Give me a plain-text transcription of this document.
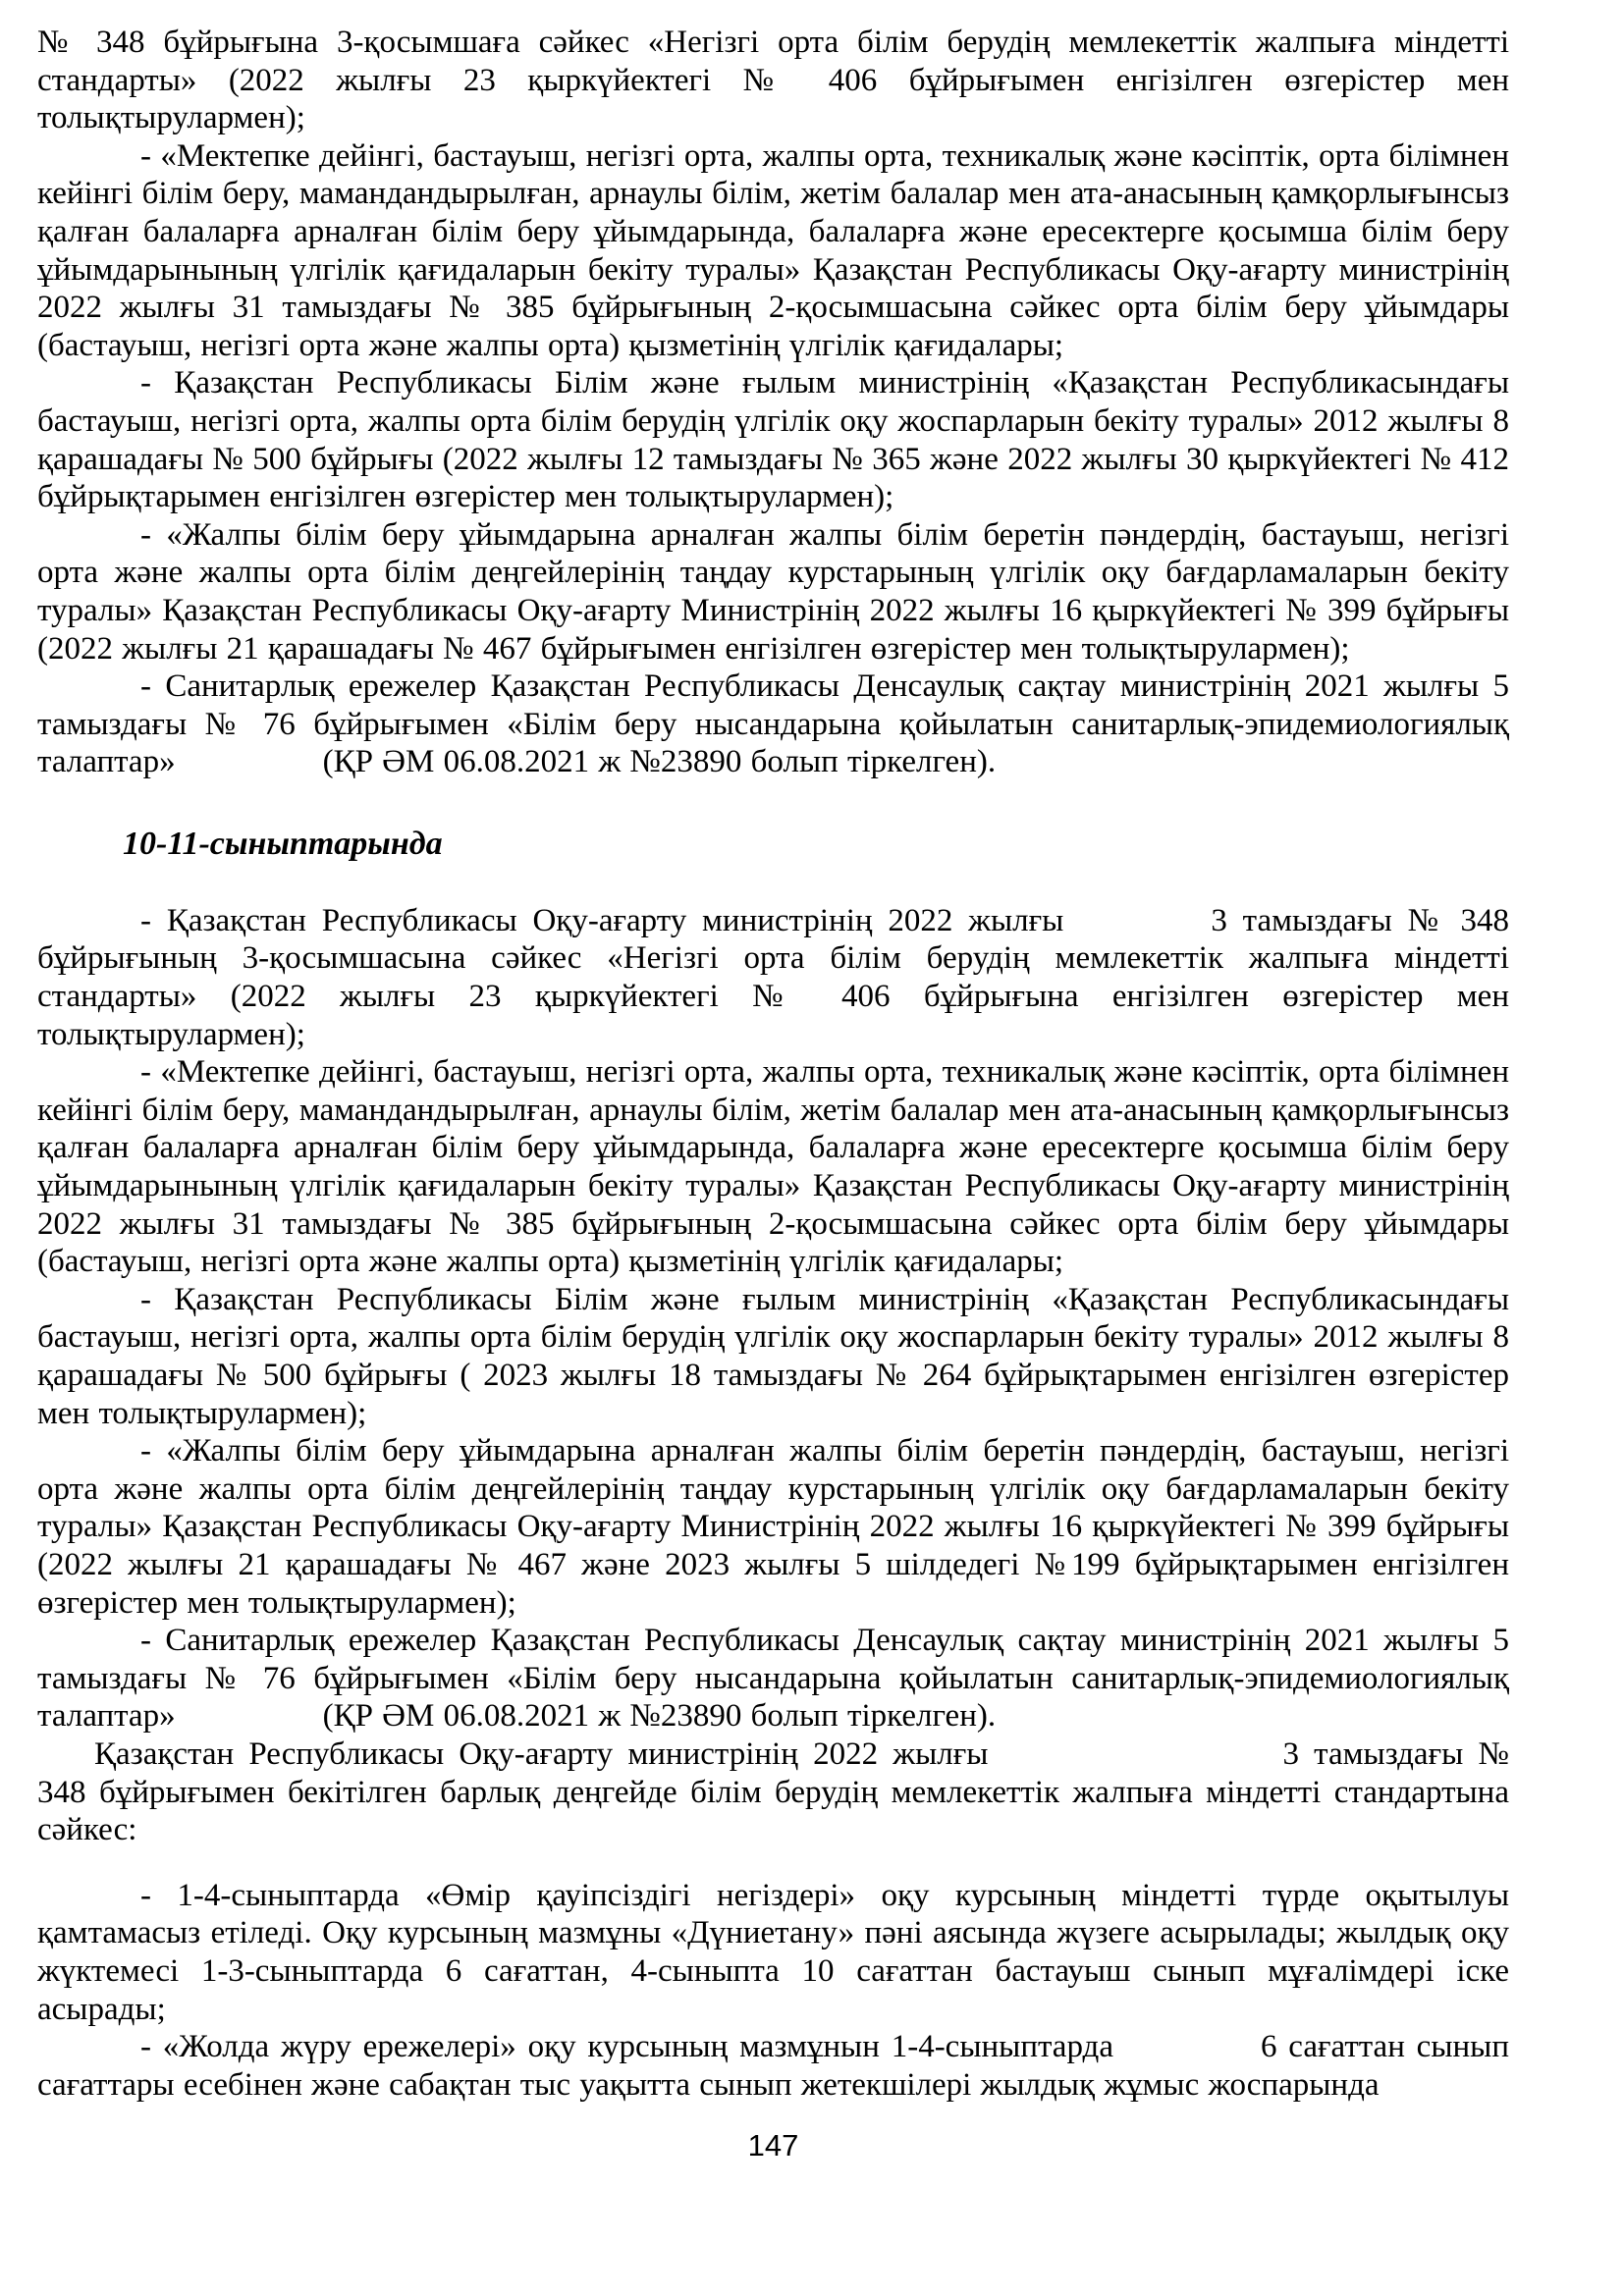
№ 348 бұйрығына 3-қосымшаға сәйкес «Негізгі орта білім берудің мемлекеттік жалпыға міндетті стандарты» (2022 жылғы 23 қыркүйектегі № 406 бұйрығымен енгізілген өзгерістер мен толықтырулармен);

- «Мектепке дейінгі, бастауыш, негізгі орта, жалпы орта, техникалық және кәсіптік, орта білімнен кейінгі білім беру, мамандандырылған, арнаулы білім, жетім балалар мен ата-анасының қамқорлығынсыз қалған балаларға арналған білім беру ұйымдарында, балаларға және ересектерге қосымша білім беру ұйымдарынының үлгілік қағидаларын бекіту туралы» Қазақстан Республикасы Оқу-ағарту министрінің 2022 жылғы 31 тамыздағы № 385 бұйрығының 2-қосымшасына сәйкес орта білім беру ұйымдары (бастауыш, негізгі орта және жалпы орта) қызметінің үлгілік қағидалары;

- Қазақстан Республикасы Білім және ғылым министрінің «Қазақстан Республикасындағы бастауыш, негізгі орта, жалпы орта білім берудің үлгілік оқу жоспарларын бекіту туралы» 2012 жылғы 8 қарашадағы № 500 бұйрығы (2022 жылғы 12 тамыздағы № 365 және 2022 жылғы 30 қыркүйектегі № 412 бұйрықтарымен енгізілген өзгерістер мен толықтырулармен);

- «Жалпы білім беру ұйымдарына арналған жалпы білім беретін пәндердің, бастауыш, негізгі орта және жалпы орта білім деңгейлерінің таңдау курстарының үлгілік оқу бағдарламаларын бекіту туралы» Қазақстан Республикасы Оқу-ағарту Министрінің 2022 жылғы 16 қыркүйектегі № 399 бұйрығы (2022 жылғы 21 қарашадағы № 467 бұйрығымен енгізілген өзгерістер мен толықтырулармен);

- Санитарлық ережелер Қазақстан Республикасы Денсаулық сақтау министрінің 2021 жылғы 5 тамыздағы № 76 бұйрығымен «Білім беру нысандарына қойылатын санитарлық-эпидемиологиялық талаптар»	(ҚР ӘМ 06.08.2021 ж №23890 болып тіркелген).

10-11-сыныптарында

- Қазақстан Республикасы Оқу-ағарту министрінің 2022 жылғы	3 тамыздағы № 348 бұйрығының 3-қосымшасына сәйкес «Негізгі орта білім берудің мемлекеттік жалпыға міндетті стандарты» (2022 жылғы 23 қыркүйектегі № 406 бұйрығына енгізілген өзгерістер мен толықтырулармен);

- «Мектепке дейінгі, бастауыш, негізгі орта, жалпы орта, техникалық және кәсіптік, орта білімнен кейінгі білім беру, мамандандырылған, арнаулы білім, жетім балалар мен ата-анасының қамқорлығынсыз қалған балаларға арналған білім беру ұйымдарында, балаларға және ересектерге қосымша білім беру ұйымдарынының үлгілік қағидаларын бекіту туралы» Қазақстан Республикасы Оқу-ағарту министрінің 2022 жылғы 31 тамыздағы № 385 бұйрығының 2-қосымшасына сәйкес орта білім беру ұйымдары (бастауыш, негізгі орта және жалпы орта) қызметінің үлгілік қағидалары;

- Қазақстан Республикасы Білім және ғылым министрінің «Қазақстан Республикасындағы бастауыш, негізгі орта, жалпы орта білім берудің үлгілік оқу жоспарларын бекіту туралы» 2012 жылғы 8 қарашадағы № 500 бұйрығы ( 2023 жылғы 18 тамыздағы № 264 бұйрықтарымен енгізілген өзгерістер мен толықтырулармен);

- «Жалпы білім беру ұйымдарына арналған жалпы білім беретін пәндердің, бастауыш, негізгі орта және жалпы орта білім деңгейлерінің таңдау курстарының үлгілік оқу бағдарламаларын бекіту туралы» Қазақстан Республикасы Оқу-ағарту Министрінің 2022 жылғы 16 қыркүйектегі № 399 бұйрығы (2022 жылғы 21 қарашадағы № 467 және 2023 жылғы 5 шілдедегі №199 бұйрықтарымен енгізілген өзгерістер мен толықтырулармен);

- Санитарлық ережелер Қазақстан Республикасы Денсаулық сақтау министрінің 2021 жылғы 5 тамыздағы № 76 бұйрығымен «Білім беру нысандарына қойылатын санитарлық-эпидемиологиялық талаптар»	(ҚР ӘМ 06.08.2021 ж №23890 болып тіркелген).

Қазақстан Республикасы Оқу-ағарту министрінің 2022 жылғы	3 тамыздағы № 348 бұйрығымен бекітілген барлық деңгейде білім берудің мемлекеттік жалпыға міндетті стандартына сәйкес:

- 1-4-сыныптарда «Өмір қауіпсіздігі негіздері» оқу курсының міндетті түрде оқытылуы қамтамасыз етіледі. Оқу курсының мазмұны «Дүниетану» пәні аясында жүзеге асырылады; жылдық оқу жүктемесі 1-3-сыныптарда 6 сағаттан, 4-сыныпта 10 сағаттан бастауыш сынып мұғалімдері іске асырады;

- «Жолда жүру ережелері» оқу курсының мазмұнын 1-4-сыныптарда	6 сағаттан сынып сағаттары есебінен және сабақтан тыс уақытта сынып жетекшілері жылдық жұмыс жоспарында

147
